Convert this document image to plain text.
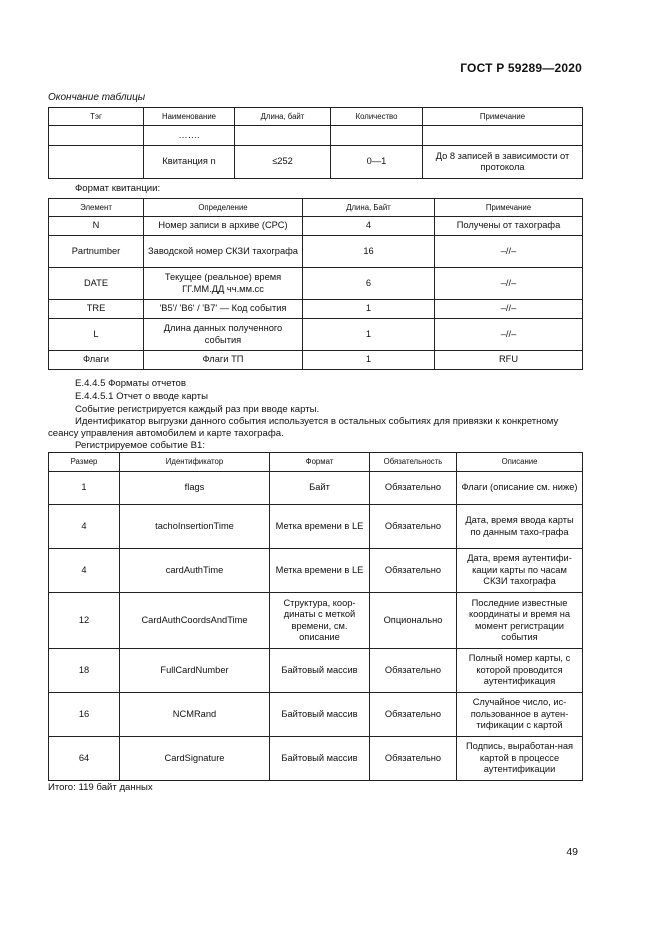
ГОСТ Р 59289—2020
Окончание таблицы
Тэг	Наименование	Длина, байт	Количество	Примечание
	…….			
	Квитанция n	≤252	0—1	До 8 записей в зависимости от протокола
Формат квитанции:
Элемент	Определение	Длина, Байт	Примечание
N	Номер записи в архиве (СРС)	4	Получены от тахографа
Partnumber	Заводской номер СКЗИ тахографа	16	–//–
DATE	Текущее (реальное) время ГГ.ММ.ДД чч.мм.сс	6	–//–
TRE	'B5'/ 'B6' / 'B7' — Код события	1	–//–
L	Длина данных полученного события	1	–//–
Флаги	Флаги ТП	1	RFU
Е.4.4.5 Форматы отчетов
Е.4.4.5.1 Отчет о вводе карты
Событие регистрируется каждый раз при вводе карты.
Идентификатор выгрузки данного события используется в остальных событиях для привязки к конкретному
сеансу управления автомобилем и карте тахографа.
Регистрируемое событие B1:
Размер	Идентификатор	Формат	Обязательность	Описание
1	flags	Байт	Обязательно	Флаги (описание см. ниже)
4	tachoInsertionTime	Метка времени в LE	Обязательно	Дата, время ввода карты по данным тахо-графа
4	cardAuthTime	Метка времени в LE	Обязательно	Дата, время аутентифи-кации карты по часам СКЗИ тахографа
12	CardAuthCoordsAndTime	Структура, коор-динаты с меткой времени, см. описание	Опционально	Последние известные координаты и время на момент регистрации события
18	FullCardNumber	Байтовый массив	Обязательно	Полный номер карты, с которой проводится аутентификация
16	NCMRand	Байтовый массив	Обязательно	Случайное число, ис-пользованное в аутен-тификации с картой
64	CardSignature	Байтовый массив	Обязательно	Подпись, выработан-ная картой в процессе аутентификации
Итого: 119 байт данных
49
